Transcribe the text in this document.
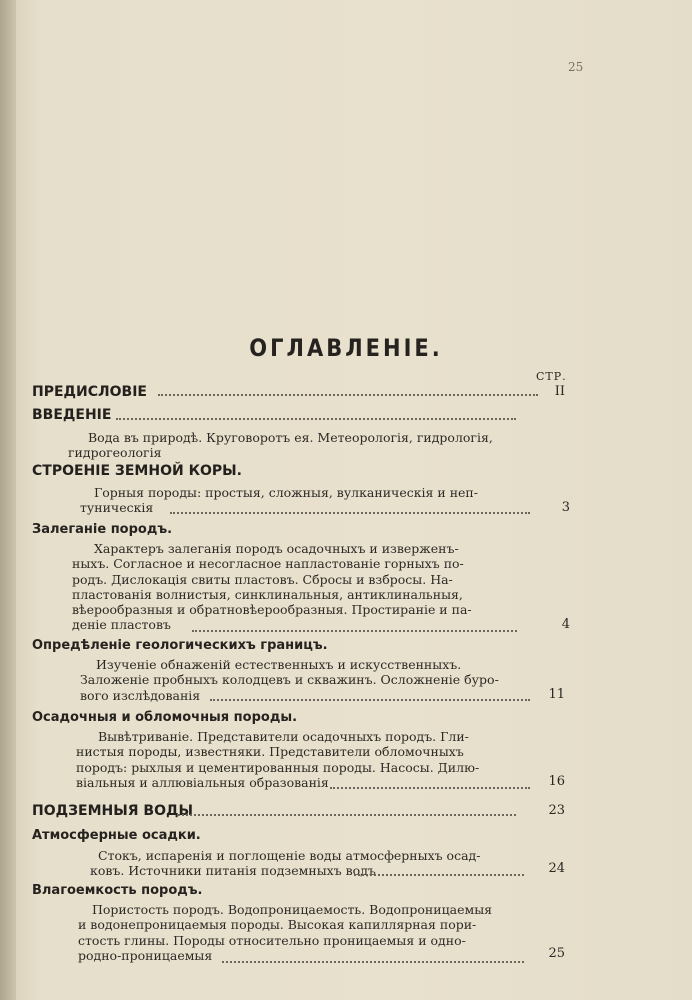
25
ОГЛАВЛЕНІЕ.
СТР.
ПРЕДИСЛОВІЕ	II
ВВЕДЕНІЕ
Вода въ природѣ. Круговоротъ ея. Метеорологія, гидрологія,
гидрогеологія
СТРОЕНІЕ ЗЕМНОЙ КОРЫ.
Горныя породы: простыя, сложныя, вулканическія и неп-
туническія	3
Залеганіе породъ.
Характеръ залеганія породъ осадочныхъ и изверженъ-
ныхъ. Согласное и несогласное напластованіе горныхъ по-
родъ. Дислокація свиты пластовъ. Сбросы и взбросы. На-
пластованія волнистыя, синклинальныя, антиклинальныя,
вѣерообразныя и обратновѣерообразныя. Простираніе и па-
деніе пластовъ	4
Опредѣленіе геологическихъ границъ.
Изученіе обнаженій естественныхъ и искусственныхъ.
Заложеніе пробныхъ колодцевъ и скважинъ. Осложненіе буро-
вого изслѣдованія	11
Осадочныя и обломочныя породы.
Вывѣтриваніе. Представители осадочныхъ породъ. Гли-
нистыя породы, известняки. Представители обломочныхъ
породъ: рыхлыя и цементированныя породы. Насосы. Дилю-
віальныя и аллювіальныя образованія	16
ПОДЗЕМНЫЯ ВОДЫ	23
Атмосферные осадки.
Стокъ, испаренія и поглощеніе воды атмосферныхъ осад-
ковъ. Источники питанія подземныхъ водъ	24
Влагоемкость породъ.
Пористость породъ. Водопроницаемость. Водопроницаемыя
и водонепроницаемыя породы. Высокая капиллярная пори-
стость глины. Породы относительно проницаемыя и одно-
родно-проницаемыя	25
